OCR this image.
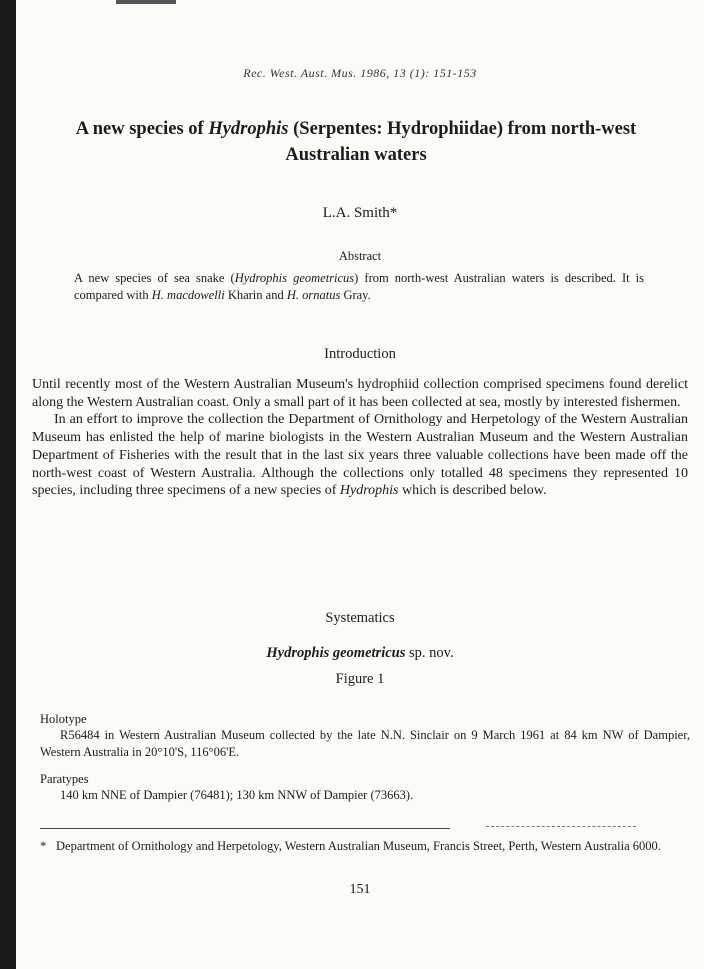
Rec. West. Aust. Mus. 1986, 13 (1): 151-153
A new species of Hydrophis (Serpentes: Hydrophiidae) from north-west Australian waters
L.A. Smith*
Abstract
A new species of sea snake (Hydrophis geometricus) from north-west Australian waters is described. It is compared with H. macdowelli Kharin and H. ornatus Gray.
Introduction

Until recently most of the Western Australian Museum's hydrophiid collection comprised specimens found derelict along the Western Australian coast. Only a small part of it has been collected at sea, mostly by interested fishermen.

In an effort to improve the collection the Department of Ornithology and Herpetology of the Western Australian Museum has enlisted the help of marine biologists in the Western Australian Museum and the Western Australian Department of Fisheries with the result that in the last six years three valuable collections have been made off the north-west coast of Western Australia. Although the collections only totalled 48 specimens they represented 10 species, including three specimens of a new species of Hydrophis which is described below.

Systematics
Hydrophis geometricus sp. nov.
Figure 1
Holotype
R56484 in Western Australian Museum collected by the late N.N. Sinclair on 9 March 1961 at 84 km NW of Dampier, Western Australia in 20°10'S, 116°06'E.
Paratypes
140 km NNE of Dampier (76481); 130 km NNW of Dampier (73663).
* Department of Ornithology and Herpetology, Western Australian Museum, Francis Street, Perth, Western Australia 6000.
151
